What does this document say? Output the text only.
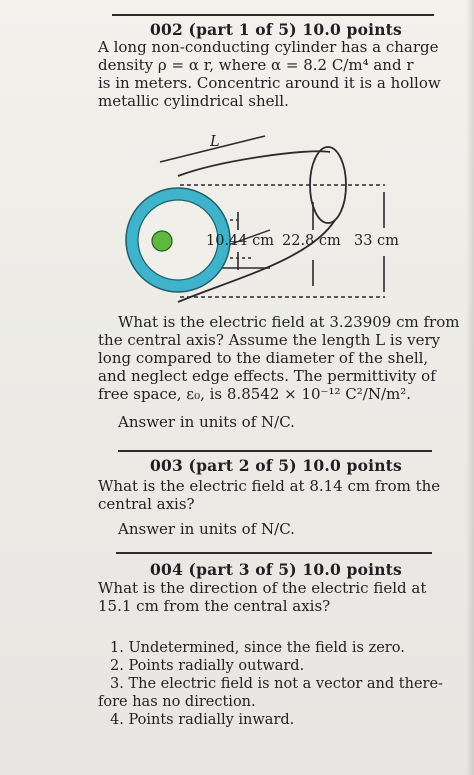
002 (part 1 of 5) 10.0 points
A long non-conducting cylinder has a charge
density ρ = α r, where α = 8.2 C/m⁴ and r
is in meters. Concentric around it is a hollow
metallic cylindrical shell.
L
10.44 cm 22.8 cm 33 cm
What is the electric field at 3.23909 cm from
the central axis? Assume the length L is very
long compared to the diameter of the shell,
and neglect edge effects. The permittivity of
free space, ε₀, is 8.8542 × 10⁻¹² C²/N/m².
Answer in units of N/C.
003 (part 2 of 5) 10.0 points
What is the electric field at 8.14 cm from the
central axis?
Answer in units of N/C.
004 (part 3 of 5) 10.0 points
What is the direction of the electric field at
15.1 cm from the central axis?
1. Undetermined, since the field is zero.
2. Points radially outward.
3. The electric field is not a vector and there-
fore has no direction.
4. Points radially inward.
